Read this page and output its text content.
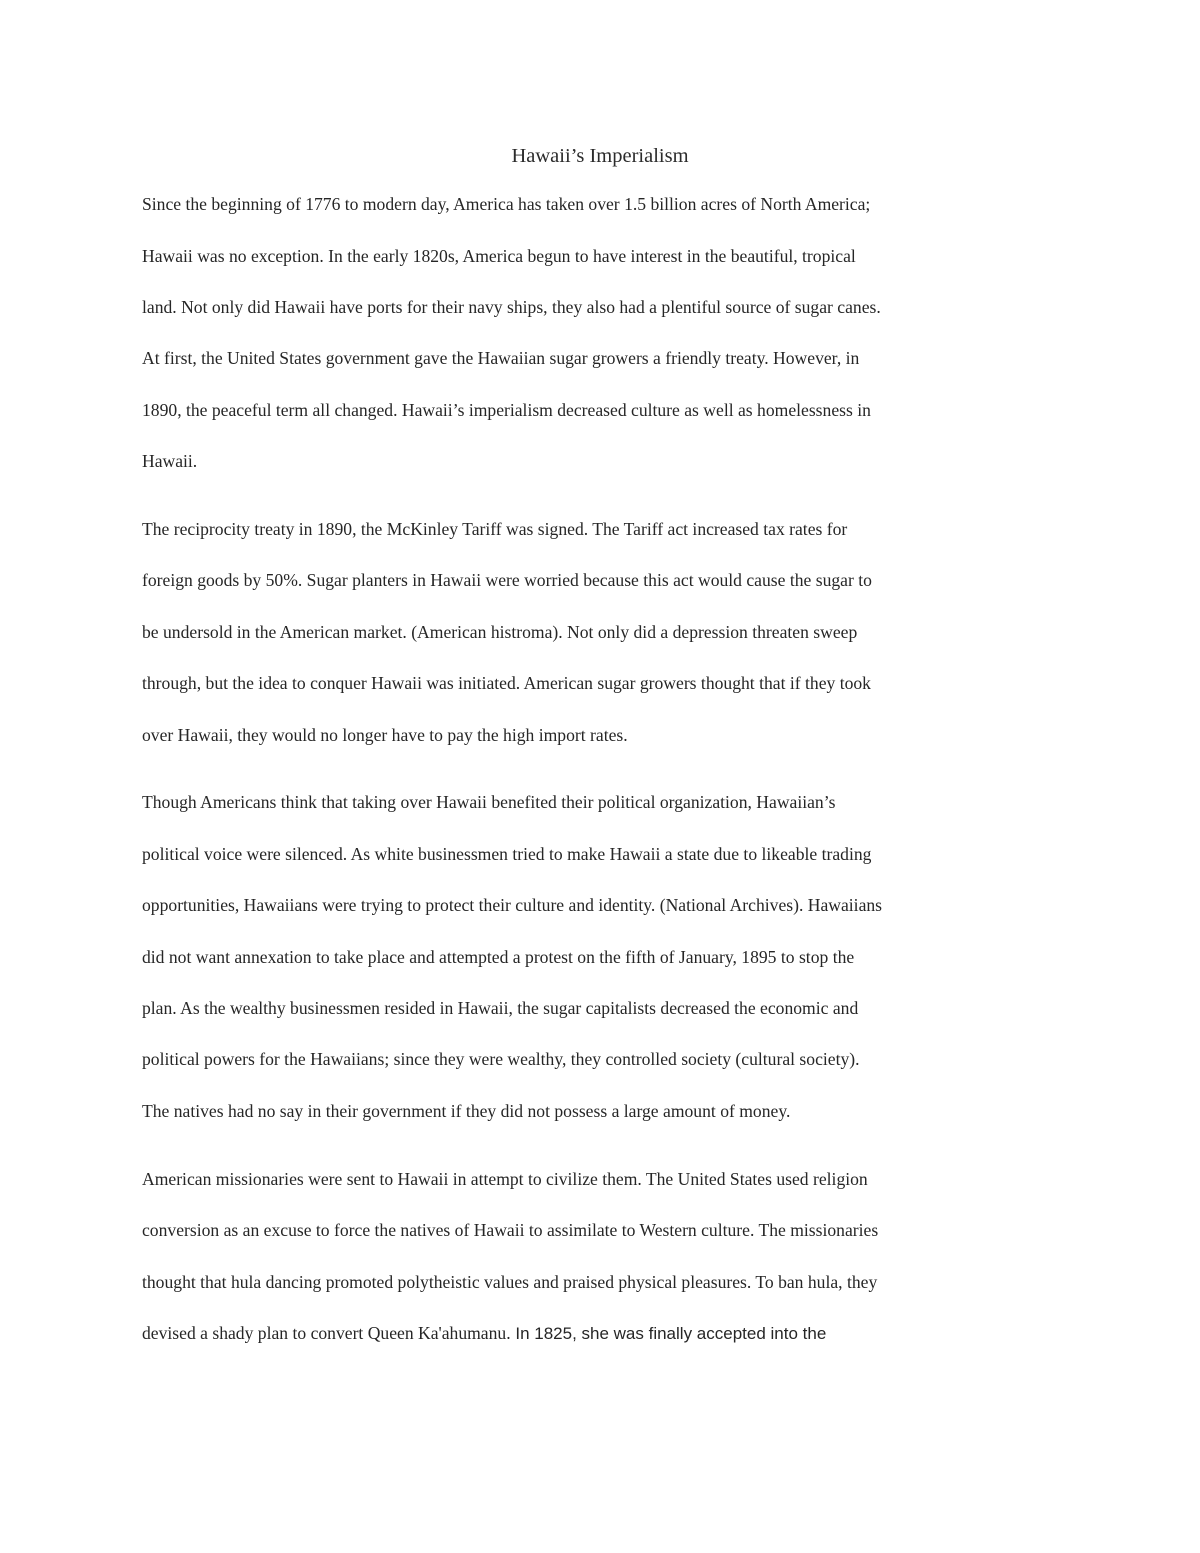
Hawaii’s Imperialism

Since the beginning of 1776 to modern day, America has taken over 1.5 billion acres of North America;

Hawaii was no exception. In the early 1820s, America begun to have interest in the beautiful, tropical

land. Not only did Hawaii have ports for their navy ships, they also had a plentiful source of sugar canes.

At first, the United States government gave the Hawaiian sugar growers a friendly treaty. However, in

1890, the peaceful term all changed. Hawaii’s imperialism decreased culture as well as homelessness in

Hawaii.

The reciprocity treaty in 1890, the McKinley Tariff was signed. The Tariff act increased tax rates for

foreign goods by 50%. Sugar planters in Hawaii were worried because this act would cause the sugar to

be undersold in the American market. (American histroma). Not only did a depression threaten sweep

through, but the idea to conquer Hawaii was initiated. American sugar growers thought that if they took

over Hawaii, they would no longer have to pay the high import rates.

Though Americans think that taking over Hawaii benefited their political organization, Hawaiian’s

political voice were silenced. As white businessmen tried to make Hawaii a state due to likeable trading

opportunities, Hawaiians were trying to protect their culture and identity. (National Archives). Hawaiians

did not want annexation to take place and attempted a protest on the fifth of January, 1895 to stop the

plan. As the wealthy businessmen resided in Hawaii, the sugar capitalists decreased the economic and

political powers for the Hawaiians; since they were wealthy, they controlled society (cultural society).

The natives had no say in their government if they did not possess a large amount of money.

American missionaries were sent to Hawaii in attempt to civilize them. The United States used religion

conversion as an excuse to force the natives of Hawaii to assimilate to Western culture. The missionaries

thought that hula dancing promoted polytheistic values and praised physical pleasures. To ban hula, they

devised a shady plan to convert Queen Ka'ahumanu. In 1825, she was finally accepted into the
